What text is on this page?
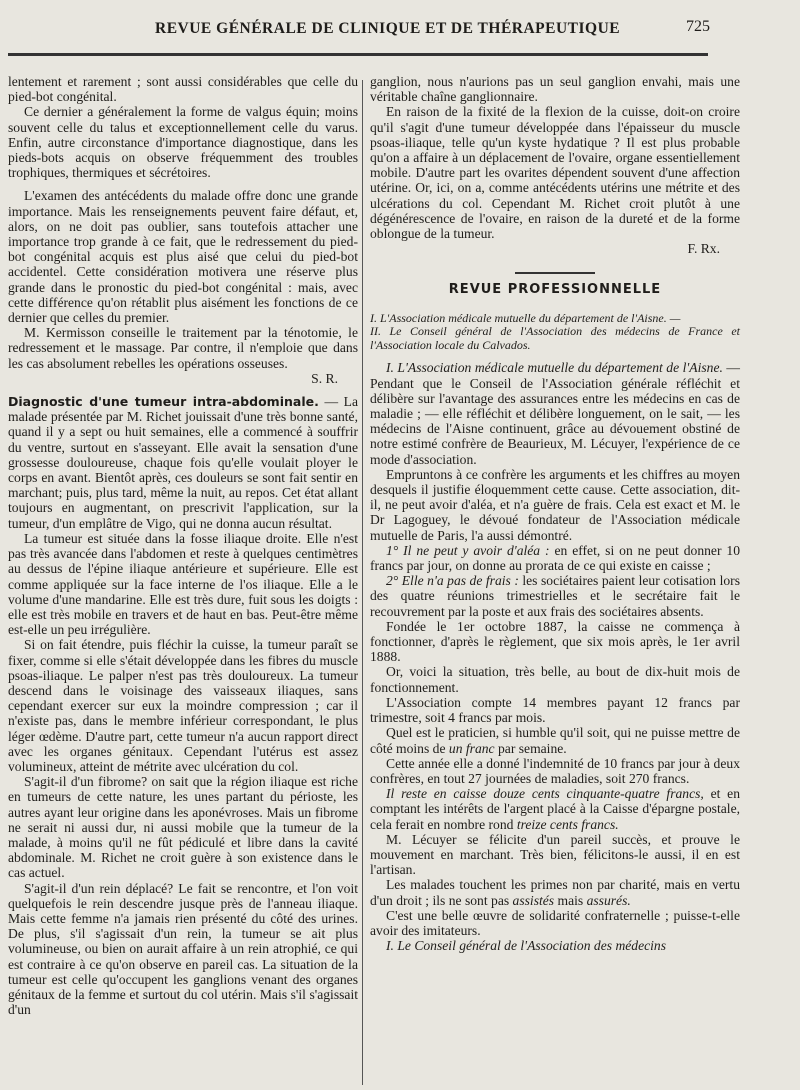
REVUE GÉNÉRALE DE CLINIQUE ET DE THÉRAPEUTIQUE	725

lentement et rarement ; sont aussi considérables que celle du pied-bot congénital.

Ce dernier a généralement la forme de valgus équin; moins souvent celle du talus et exceptionnellement celle du varus. Enfin, autre circonstance d'importance diagnostique, dans les pieds-bots acquis on observe fréquemment des troubles trophiques, thermiques et sécrétoires.

L'examen des antécédents du malade offre donc une grande importance. Mais les renseignements peuvent faire défaut, et, alors, on ne doit pas oublier, sans toutefois attacher une importance trop grande à ce fait, que le redressement du pied-bot congénital acquis est plus aisé que celui du pied-bot accidentel. Cette considération motivera une réserve plus grande dans le pronostic du pied-bot congénital : mais, avec cette différence qu'on rétablit plus aisément les fonctions de ce dernier que celles du premier.

M. Kermisson conseille le traitement par la ténotomie, le redressement et le massage. Par contre, il n'emploie que dans les cas absolument rebelles les opérations osseuses.

S. R.

Diagnostic d'une tumeur intra-abdominale. — La malade présentée par M. Richet jouissait d'une très bonne santé, quand il y a sept ou huit semaines, elle a commencé à souffrir du ventre, surtout en s'asseyant. Elle avait la sensation d'une grossesse douloureuse, chaque fois qu'elle voulait ployer le corps en avant. Bientôt après, ces douleurs se sont fait sentir en marchant; puis, plus tard, même la nuit, au repos. Cet état allant toujours en augmentant, on prescrivit l'application, sur la tumeur, d'un emplâtre de Vigo, qui ne donna aucun résultat.

La tumeur est située dans la fosse iliaque droite. Elle n'est pas très avancée dans l'abdomen et reste à quelques centimètres au dessus de l'épine iliaque antérieure et supérieure. Elle est comme appliquée sur la face interne de l'os iliaque. Elle a le volume d'une mandarine. Elle est très dure, fuit sous les doigts : elle est très mobile en travers et de haut en bas. Peut-être même est-elle un peu irrégulière.

Si on fait étendre, puis fléchir la cuisse, la tumeur paraît se fixer, comme si elle s'était développée dans les fibres du muscle psoas-iliaque. Le palper n'est pas très douloureux. La tumeur descend dans le voisinage des vaisseaux iliaques, sans cependant exercer sur eux la moindre compression ; car il n'existe pas, dans le membre inférieur correspondant, le plus léger œdème. D'autre part, cette tumeur n'a aucun rapport direct avec les organes génitaux. Cependant l'utérus est assez volumineux, atteint de métrite avec ulcération du col.

S'agit-il d'un fibrome? on sait que la région iliaque est riche en tumeurs de cette nature, les unes partant du périoste, les autres ayant leur origine dans les aponévroses. Mais un fibrome ne serait ni aussi dur, ni aussi mobile que la tumeur de la malade, à moins qu'il ne fût pédiculé et libre dans la cavité abdominale. M. Richet ne croit guère à son existence dans le cas actuel.

S'agit-il d'un rein déplacé? Le fait se rencontre, et l'on voit quelquefois le rein descendre jusque près de l'anneau iliaque. Mais cette femme n'a jamais rien présenté du côté des urines. De plus, s'il s'agissait d'un rein, la tumeur se ait plus volumineuse, ou bien on aurait affaire à un rein atrophié, ce qui est contraire à ce qu'on observe en pareil cas. La situation de la tumeur est celle qu'occupent les ganglions venant des organes génitaux de la femme et surtout du col utérin. Mais s'il s'agissait d'un

ganglion, nous n'aurions pas un seul ganglion envahi, mais une véritable chaîne ganglionnaire.

En raison de la fixité de la flexion de la cuisse, doit-on croire qu'il s'agit d'une tumeur développée dans l'épaisseur du muscle psoas-iliaque, telle qu'un kyste hydatique ? Il est plus probable qu'on a affaire à un déplacement de l'ovaire, organe essentiellement mobile. D'autre part les ovarites dépendent souvent d'une affection utérine. Or, ici, on a, comme antécédents utérins une métrite et des ulcérations du col. Cependant M. Richet croit plutôt à une dégénérescence de l'ovaire, en raison de la dureté et de la forme oblongue de la tumeur.

F. Rx.

REVUE PROFESSIONNELLE

I. L'Association médicale mutuelle du département de l'Aisne. —

II. Le Conseil général de l'Association des médecins de France et l'Association locale du Calvados.

I. L'Association médicale mutuelle du département de l'Aisne. — Pendant que le Conseil de l'Association générale réfléchit et délibère sur l'avantage des assurances entre les médecins en cas de maladie ; — elle réfléchit et délibère longuement, on le sait, — les médecins de l'Aisne continuent, grâce au dévouement obstiné de notre estimé confrère de Beaurieux, M. Lécuyer, l'expérience de ce mode d'association.

Empruntons à ce confrère les arguments et les chiffres au moyen desquels il justifie éloquemment cette cause. Cette association, dit-il, ne peut avoir d'aléa, et n'a guère de frais. Cela est exact et M. le Dr Lagoguey, le dévoué fondateur de l'Association médicale mutuelle de Paris, l'a aussi démontré.

1° Il ne peut y avoir d'aléa : en effet, si on ne peut donner 10 francs par jour, on donne au prorata de ce qui existe en caisse ;

2° Elle n'a pas de frais : les sociétaires paient leur cotisation lors des quatre réunions trimestrielles et le secrétaire fait le recouvrement par la poste et aux frais des sociétaires absents.

Fondée le 1er octobre 1887, la caisse ne commença à fonctionner, d'après le règlement, que six mois après, le 1er avril 1888.

Or, voici la situation, très belle, au bout de dix-huit mois de fonctionnement.

L'Association compte 14 membres payant 12 francs par trimestre, soit 4 francs par mois.

Quel est le praticien, si humble qu'il soit, qui ne puisse mettre de côté moins de un franc par semaine.

Cette année elle a donné l'indemnité de 10 francs par jour à deux confrères, en tout 27 journées de maladies, soit 270 francs.

Il reste en caisse douze cents cinquante-quatre francs, et en comptant les intérêts de l'argent placé à la Caisse d'épargne postale, cela ferait en nombre rond treize cents francs.

M. Lécuyer se félicite d'un pareil succès, et prouve le mouvement en marchant. Très bien, félicitons-le aussi, il en est l'artisan.

Les malades touchent les primes non par charité, mais en vertu d'un droit ; ils ne sont pas assistés mais assurés.

C'est une belle œuvre de solidarité confraternelle ; puisse-t-elle avoir des imitateurs.

I. Le Conseil général de l'Association des médecins
